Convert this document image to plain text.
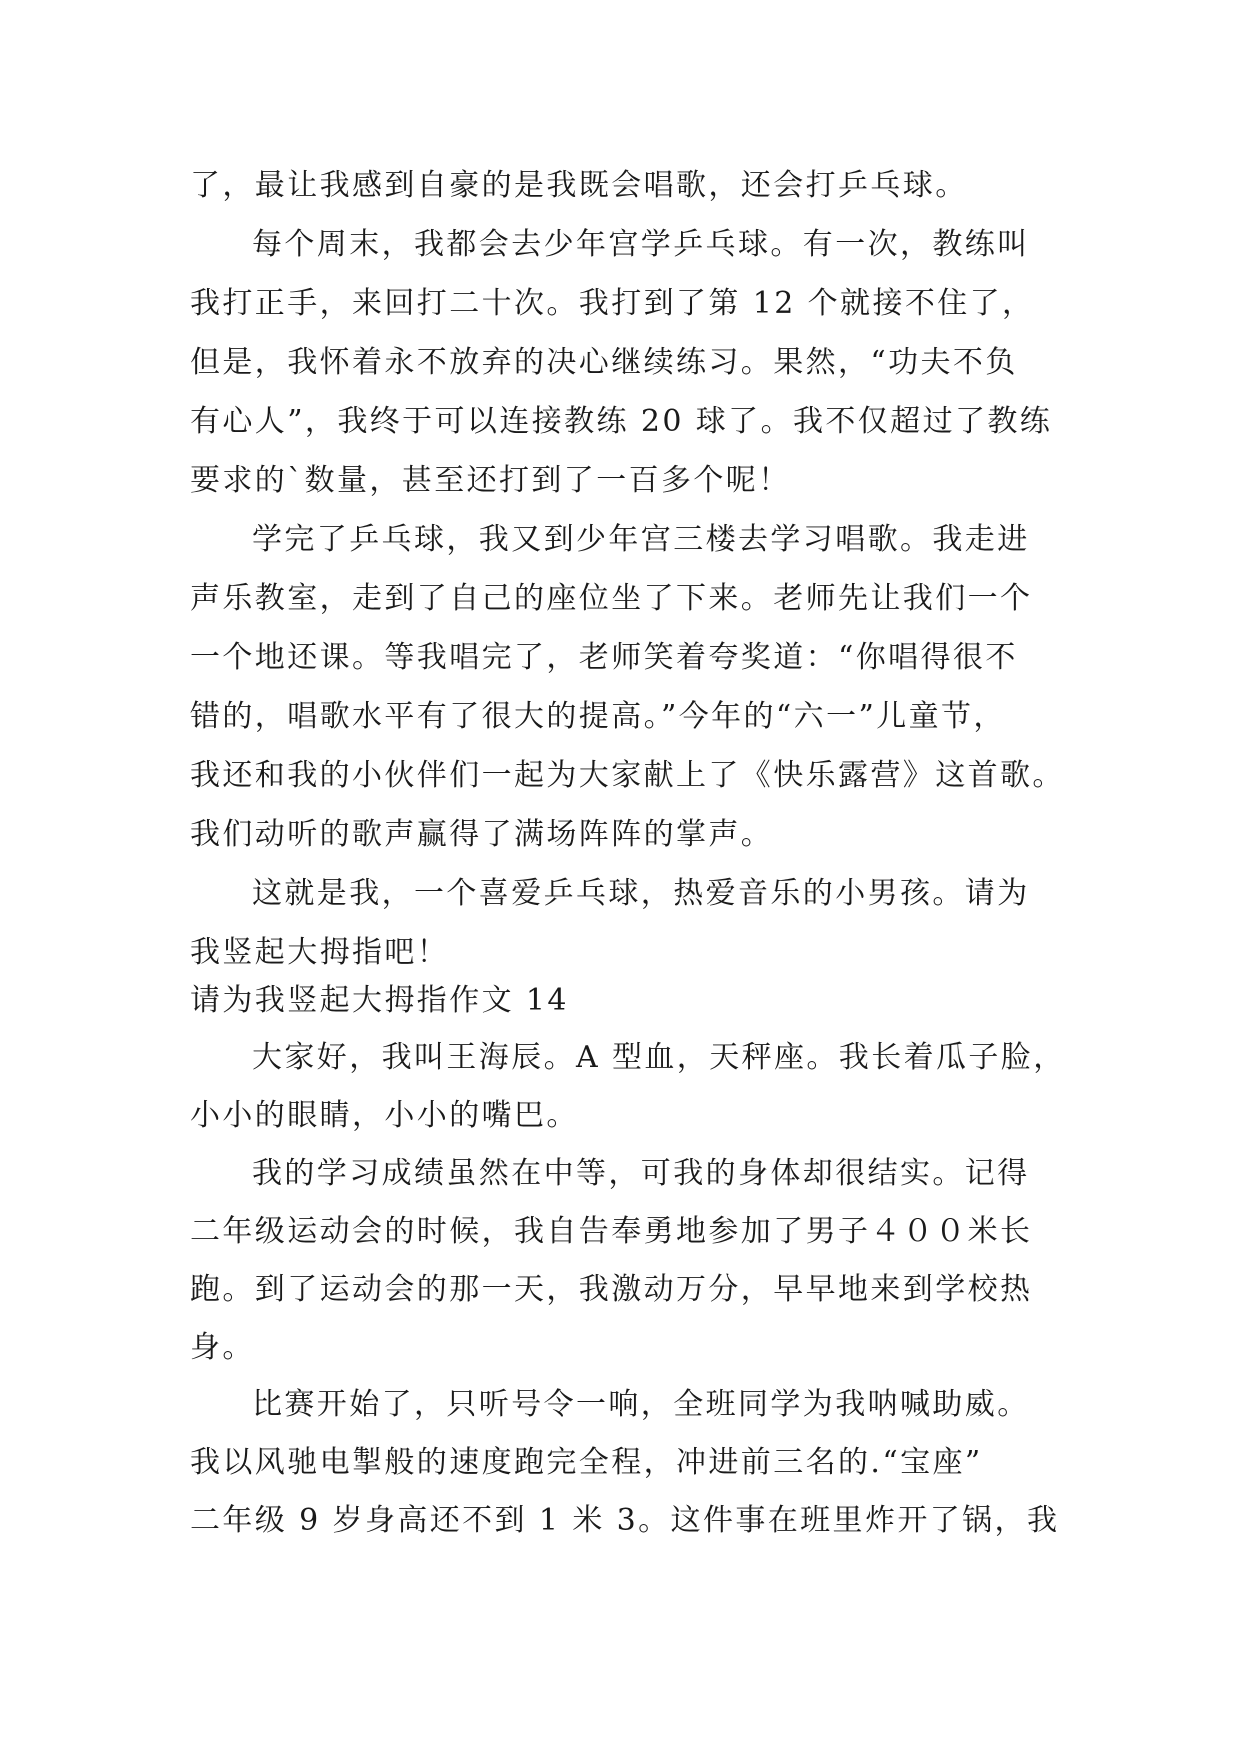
了，最让我感到自豪的是我既会唱歌，还会打乒乓球。
每个周末，我都会去少年宫学乒乓球。有一次，教练叫
我打正手，来回打二十次。我打到了第 12 个就接不住了，
但是，我怀着永不放弃的决心继续练习。果然，“功夫不负
有心人”，我终于可以连接教练 20 球了。我不仅超过了教练
要求的`数量，甚至还打到了一百多个呢！
学完了乒乓球，我又到少年宫三楼去学习唱歌。我走进
声乐教室，走到了自己的座位坐了下来。老师先让我们一个
一个地还课。等我唱完了，老师笑着夸奖道：“你唱得很不
错的，唱歌水平有了很大的提高。”今年的“六一”儿童节，
我还和我的小伙伴们一起为大家献上了《快乐露营》这首歌。
我们动听的歌声赢得了满场阵阵的掌声。
这就是我，一个喜爱乒乓球，热爱音乐的小男孩。请为
我竖起大拇指吧！
请为我竖起大拇指作文 14
大家好，我叫王海辰。A 型血，天秤座。我长着瓜子脸，
小小的眼睛，小小的嘴巴。
我的学习成绩虽然在中等，可我的身体却很结实。记得
二年级运动会的时候，我自告奉勇地参加了男子４００米长
跑。到了运动会的那一天，我激动万分，早早地来到学校热
身。
比赛开始了，只听号令一响，全班同学为我呐喊助威。
我以风驰电掣般的速度跑完全程，冲进前三名的.“宝座”
二年级 9 岁身高还不到 1 米 3。这件事在班里炸开了锅，我
